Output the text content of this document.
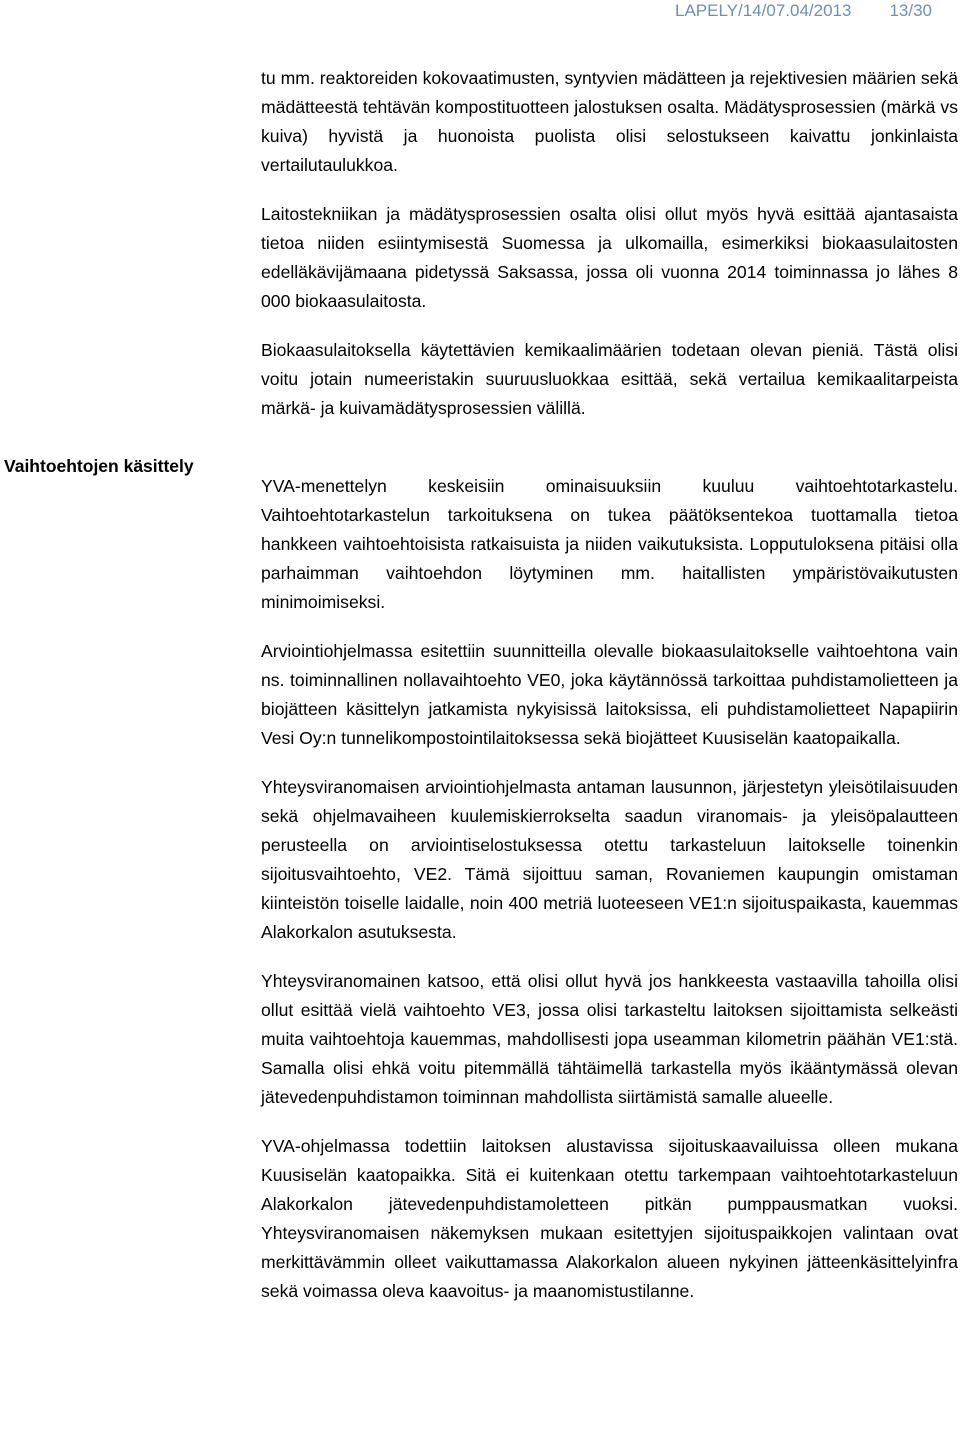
LAPELY/14/07.04/2013 13/30
Vaihtoehtojen käsittely

tu mm. reaktoreiden kokovaatimusten, syntyvien mädätteen ja rejektivesien määrien sekä mädätteestä tehtävän kompostituotteen jalostuksen osalta. Mädätysprosessien (märkä vs kuiva) hyvistä ja huonoista puolista olisi selostukseen kaivattu jonkinlaista vertailutaulukkoa.

Laitostekniikan ja mädätysprosessien osalta olisi ollut myös hyvä esittää ajantasaista tietoa niiden esiintymisestä Suomessa ja ulkomailla, esimerkiksi biokaasulaitosten edelläkävijämaana pidetyssä Saksassa, jossa oli vuonna 2014 toiminnassa jo lähes 8 000 biokaasulaitosta.

Biokaasulaitoksella käytettävien kemikaalimäärien todetaan olevan pieniä. Tästä olisi voitu jotain numeeristakin suuruusluokkaa esittää, sekä vertailua kemikaalitarpeista märkä- ja kuivamädätysprosessien välillä.

YVA-menettelyn keskeisiin ominaisuuksiin kuuluu vaihtoehtotarkastelu. Vaihtoehtotarkastelun tarkoituksena on tukea päätöksentekoa tuottamalla tietoa hankkeen vaihtoehtoisista ratkaisuista ja niiden vaikutuksista. Lopputuloksena pitäisi olla parhaimman vaihtoehdon löytyminen mm. haitallisten ympäristövaikutusten minimoimiseksi.

Arviointiohjelmassa esitettiin suunnitteilla olevalle biokaasulaitokselle vaihtoehtona vain ns. toiminnallinen nollavaihtoehto VE0, joka käytännössä tarkoittaa puhdistamolietteen ja biojätteen käsittelyn jatkamista nykyisissä laitoksissa, eli puhdistamolietteet Napapiirin Vesi Oy:n tunnelikompostointilaitoksessa sekä biojätteet Kuusiselän kaatopaikalla.

Yhteysviranomaisen arviointiohjelmasta antaman lausunnon, järjestetyn yleisötilaisuuden sekä ohjelmavaiheen kuulemiskierrokselta saadun viranomais- ja yleisöpalautteen perusteella on arviointiselostuksessa otettu tarkasteluun laitokselle toinenkin sijoitusvaihtoehto, VE2. Tämä sijoittuu saman, Rovaniemen kaupungin omistaman kiinteistön toiselle laidalle, noin 400 metriä luoteeseen VE1:n sijoituspaikasta, kauemmas Alakorkalon asutuksesta.

Yhteysviranomainen katsoo, että olisi ollut hyvä jos hankkeesta vastaavilla tahoilla olisi ollut esittää vielä vaihtoehto VE3, jossa olisi tarkasteltu laitoksen sijoittamista selkeästi muita vaihtoehtoja kauemmas, mahdollisesti jopa useamman kilometrin päähän VE1:stä. Samalla olisi ehkä voitu pitemmällä tähtäimellä tarkastella myös ikääntymässä olevan jätevedenpuhdistamon toiminnan mahdollista siirtämistä samalle alueelle.

YVA-ohjelmassa todettiin laitoksen alustavissa sijoituskaavailuissa olleen mukana Kuusiselän kaatopaikka. Sitä ei kuitenkaan otettu tarkempaan vaihtoehtotarkasteluun Alakorkalon jätevedenpuhdistamoletteen pitkän pumppausmatkan vuoksi. Yhteysviranomaisen näkemyksen mukaan esitettyjen sijoituspaikkojen valintaan ovat merkittävämmin olleet vaikuttamassa Alakorkalon alueen nykyinen jätteenkäsittelyinfra sekä voimassa oleva kaavoitus- ja maanomistustilanne.
